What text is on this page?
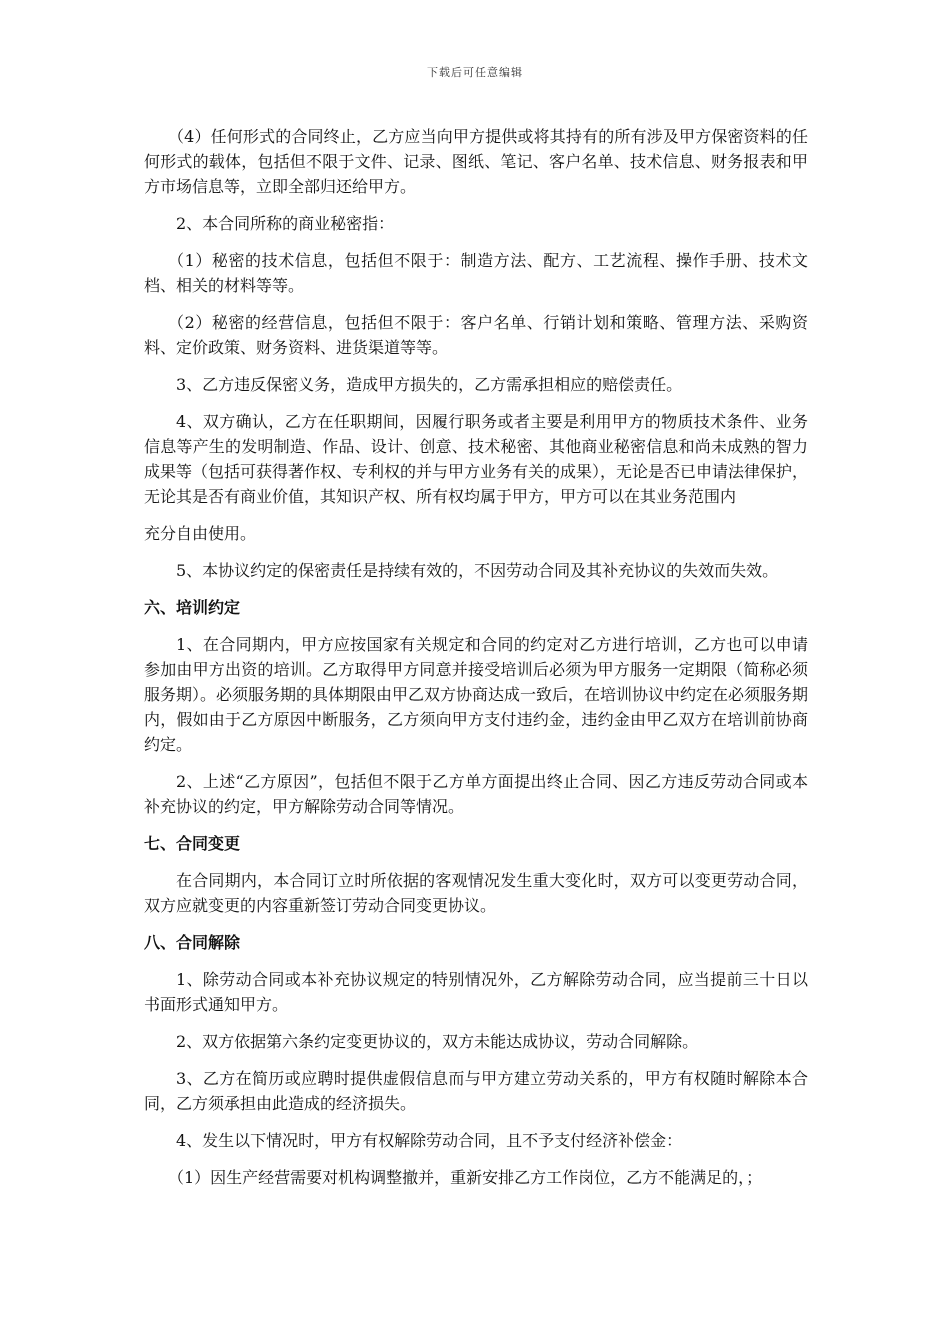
下载后可任意编辑

（4）任何形式的合同终止，乙方应当向甲方提供或将其持有的所有涉及甲方保密资料的任何形式的载体，包括但不限于文件、记录、图纸、笔记、客户名单、技术信息、财务报表和甲方市场信息等，立即全部归还给甲方。

2、本合同所称的商业秘密指：

（1）秘密的技术信息，包括但不限于：制造方法、配方、工艺流程、操作手册、技术文档、相关的材料等等。

（2）秘密的经营信息，包括但不限于：客户名单、行销计划和策略、管理方法、采购资料、定价政策、财务资料、进货渠道等等。

3、乙方违反保密义务，造成甲方损失的，乙方需承担相应的赔偿责任。

4、双方确认，乙方在任职期间，因履行职务或者主要是利用甲方的物质技术条件、业务信息等产生的发明制造、作品、设计、创意、技术秘密、其他商业秘密信息和尚未成熟的智力成果等（包括可获得著作权、专利权的并与甲方业务有关的成果），无论是否已申请法律保护，无论其是否有商业价值，其知识产权、所有权均属于甲方，甲方可以在其业务范围内

充分自由使用。

5、本协议约定的保密责任是持续有效的，不因劳动合同及其补充协议的失效而失效。

六、培训约定

1、在合同期内，甲方应按国家有关规定和合同的约定对乙方进行培训，乙方也可以申请参加由甲方出资的培训。乙方取得甲方同意并接受培训后必须为甲方服务一定期限（简称必须服务期）。必须服务期的具体期限由甲乙双方协商达成一致后，在培训协议中约定在必须服务期内，假如由于乙方原因中断服务，乙方须向甲方支付违约金，违约金由甲乙双方在培训前协商约定。

2、上述“乙方原因”，包括但不限于乙方单方面提出终止合同、因乙方违反劳动合同或本补充协议的约定，甲方解除劳动合同等情况。

七、合同变更

在合同期内，本合同订立时所依据的客观情况发生重大变化时，双方可以变更劳动合同，双方应就变更的内容重新签订劳动合同变更协议。

八、合同解除

1、除劳动合同或本补充协议规定的特别情况外，乙方解除劳动合同，应当提前三十日以书面形式通知甲方。

2、双方依据第六条约定变更协议的，双方未能达成协议，劳动合同解除。

3、乙方在简历或应聘时提供虚假信息而与甲方建立劳动关系的，甲方有权随时解除本合同，乙方须承担由此造成的经济损失。

4、发生以下情况时，甲方有权解除劳动合同，且不予支付经济补偿金：

（1）因生产经营需要对机构调整撤并，重新安排乙方工作岗位，乙方不能满足的，；
